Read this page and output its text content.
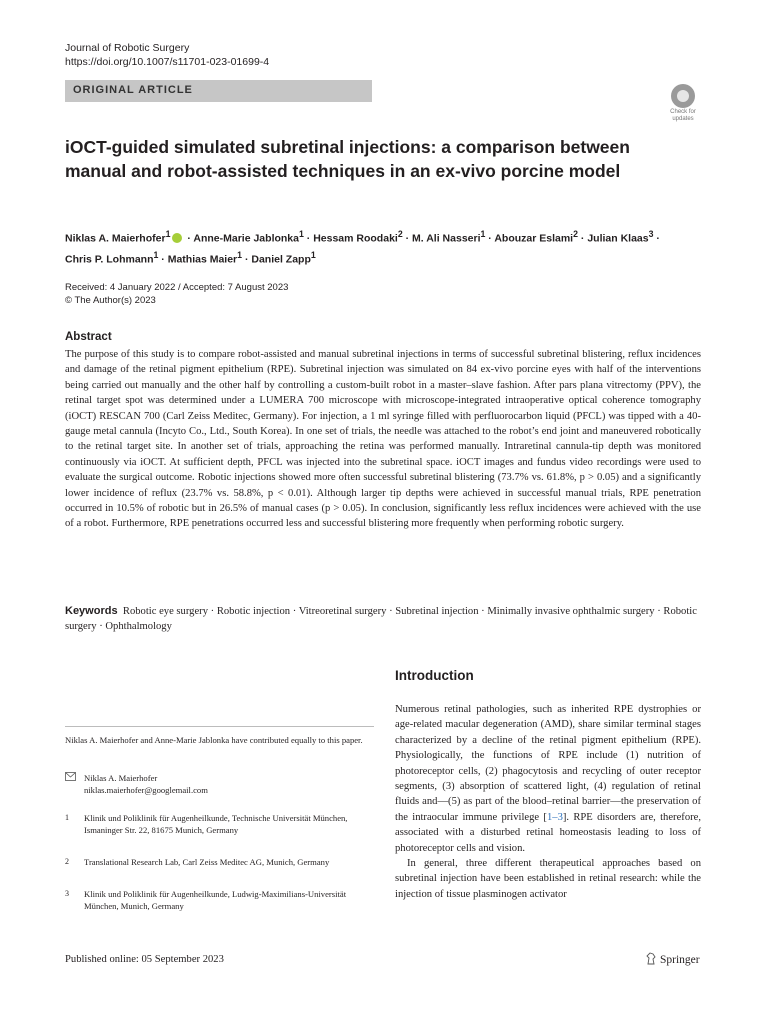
Journal of Robotic Surgery
https://doi.org/10.1007/s11701-023-01699-4
ORIGINAL ARTICLE
Check for updates
iOCT-guided simulated subretinal injections: a comparison between manual and robot-assisted techniques in an ex-vivo porcine model
Niklas A. Maierhofer$^1$ · Anne-Marie Jablonka$^1$ · Hessam Roodaki$^2$ · M. Ali Nasseri$^1$ · Abouzar Eslami$^2$ · Julian Klaas$^3$ ·
Chris P. Lohmann$^1$ · Mathias Maier$^1$ · Daniel Zapp$^1$
Received: 4 January 2022 / Accepted: 7 August 2023
© The Author(s) 2023
Abstract
The purpose of this study is to compare robot-assisted and manual subretinal injections in terms of successful subretinal blistering, reflux incidences and damage of the retinal pigment epithelium (RPE). Subretinal injection was simulated on 84 ex-vivo porcine eyes with half of the interventions being carried out manually and the other half by controlling a custom-built robot in a master–slave fashion. After pars plana vitrectomy (PPV), the retinal target spot was determined under a LUMERA 700 microscope with microscope-integrated intraoperative optical coherence tomography (iOCT) RESCAN 700 (Carl Zeiss Meditec, Germany). For injection, a 1 ml syringe filled with perfluorocarbon liquid (PFCL) was tipped with a 40-gauge metal cannula (Incyto Co., Ltd., South Korea). In one set of trials, the needle was attached to the robot’s end joint and maneuvered robotically to the retinal target site. In another set of trials, approaching the retina was performed manually. Intraretinal cannula-tip depth was monitored continuously via iOCT. At sufficient depth, PFCL was injected into the subretinal space. iOCT images and fundus video recordings were used to evaluate the surgical outcome. Robotic injections showed more often successful subretinal blistering (73.7% vs. 61.8%, p > 0.05) and a significantly lower incidence of reflux (23.7% vs. 58.8%, p < 0.01). Although larger tip depths were achieved in successful manual trials, RPE penetration occurred in 10.5% of robotic but in 26.5% of manual cases (p > 0.05). In conclusion, significantly less reflux incidences were achieved with the use of a robot. Furthermore, RPE penetrations occurred less and successful blistering more frequently when performing robotic surgery.
Keywords Robotic eye surgery · Robotic injection · Vitreoretinal surgery · Subretinal injection · Minimally invasive ophthalmic surgery · Robotic surgery · Ophthalmology
Introduction

Numerous retinal pathologies, such as inherited RPE dystrophies or age-related macular degeneration (AMD), share similar terminal stages characterized by a decline of the retinal pigment epithelium (RPE). Physiologically, the functions of RPE include (1) nutrition of photoreceptor cells, (2) phagocytosis and recycling of outer receptor segments, (3) absorption of scattered light, (4) regulation of retinal fluids and—(5) as part of the blood–retinal barrier—the preservation of the intraocular immune privilege [1–3]. RPE disorders are, therefore, associated with a disturbed retinal homeostasis leading to loss of photoreceptor cells and vision.

In general, three different therapeutical approaches based on subretinal injection have been established in retinal research: while the injection of tissue plasminogen activator

Niklas A. Maierhofer and Anne-Marie Jablonka have contributed equally to this paper.
Niklas A. Maierhofer
niklas.maierhofer@googlemail.com
1 Klinik und Poliklinik für Augenheilkunde, Technische Universität München, Ismaninger Str. 22, 81675 Munich, Germany
2 Translational Research Lab, Carl Zeiss Meditec AG, Munich, Germany
3 Klinik und Poliklinik für Augenheilkunde, Ludwig-Maximilians-Universität München, Munich, Germany
Published online: 05 September 2023	Springer
